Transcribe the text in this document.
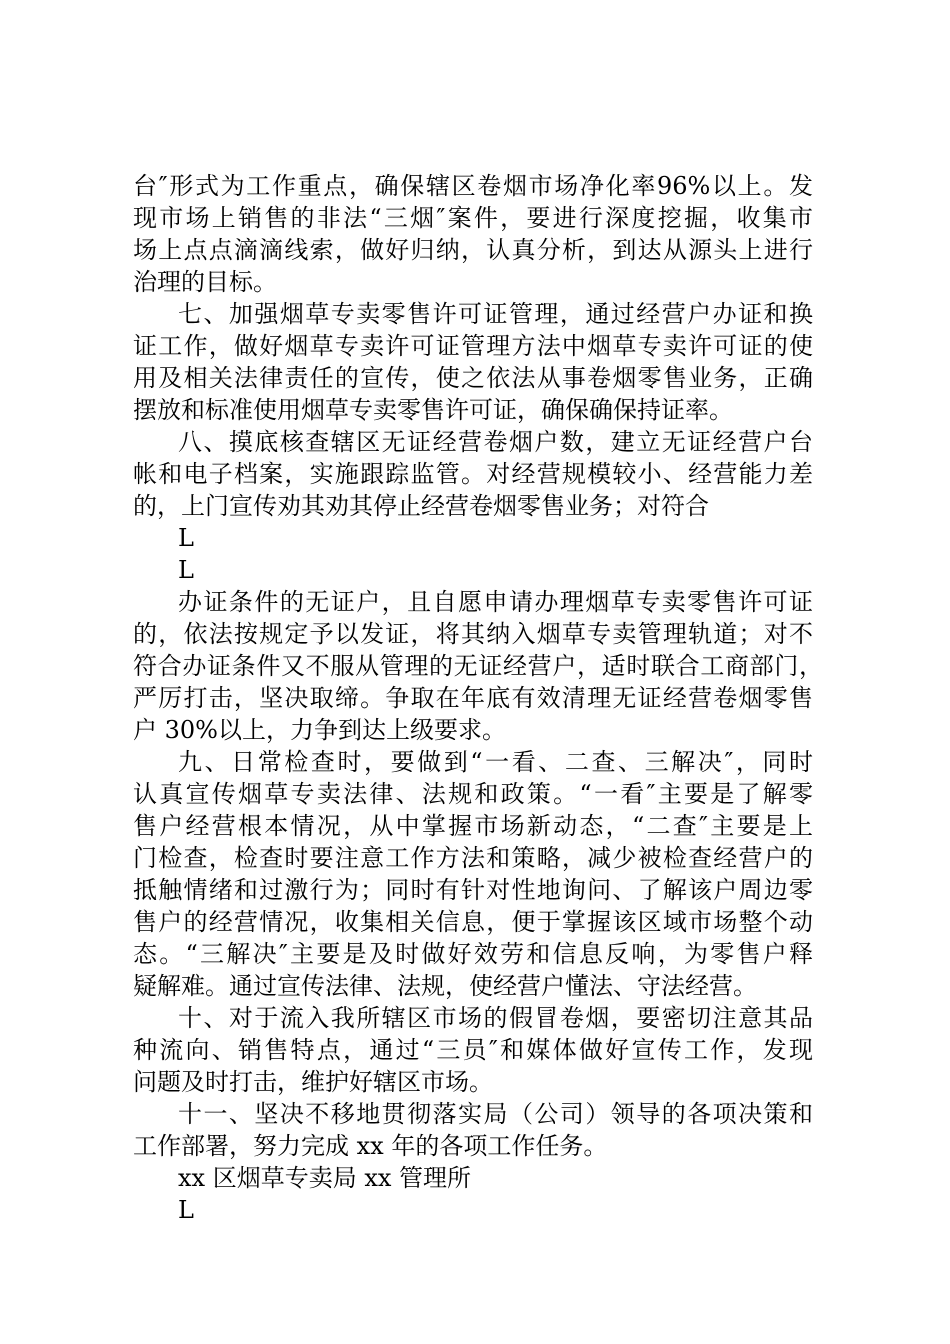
台″形式为工作重点，确保辖区卷烟市场净化率96%以上。发
现市场上销售的非法“三烟″案件，要进行深度挖掘，收集市
场上点点滴滴线索，做好归纳，认真分析，到达从源头上进行
治理的目标。
七、加强烟草专卖零售许可证管理，通过经营户办证和换
证工作，做好烟草专卖许可证管理方法中烟草专卖许可证的使
用及相关法律责任的宣传，使之依法从事卷烟零售业务，正确
摆放和标准使用烟草专卖零售许可证，确保确保持证率。
八、摸底核查辖区无证经营卷烟户数，建立无证经营户台
帐和电子档案，实施跟踪监管。对经营规模较小、经营能力差
的，上门宣传劝其劝其停止经营卷烟零售业务；对符合
L
L
办证条件的无证户，且自愿申请办理烟草专卖零售许可证
的，依法按规定予以发证，将其纳入烟草专卖管理轨道；对不
符合办证条件又不服从管理的无证经营户，适时联合工商部门，
严厉打击，坚决取缔。争取在年底有效清理无证经营卷烟零售
户 30%以上，力争到达上级要求。
九、日常检查时，要做到“一看、二查、三解决″，同时
认真宣传烟草专卖法律、法规和政策。“一看″主要是了解零
售户经营根本情况，从中掌握市场新动态，“二查″主要是上
门检查，检查时要注意工作方法和策略，减少被检查经营户的
抵触情绪和过激行为；同时有针对性地询问、了解该户周边零
售户的经营情况，收集相关信息，便于掌握该区域市场整个动
态。“三解决″主要是及时做好效劳和信息反响，为零售户释
疑解难。通过宣传法律、法规，使经营户懂法、守法经营。
十、对于流入我所辖区市场的假冒卷烟，要密切注意其品
种流向、销售特点，通过“三员″和媒体做好宣传工作，发现
问题及时打击，维护好辖区市场。
十一、坚决不移地贯彻落实局（公司）领导的各项决策和
工作部署，努力完成 xx 年的各项工作任务。
xx 区烟草专卖局 xx 管理所
L
